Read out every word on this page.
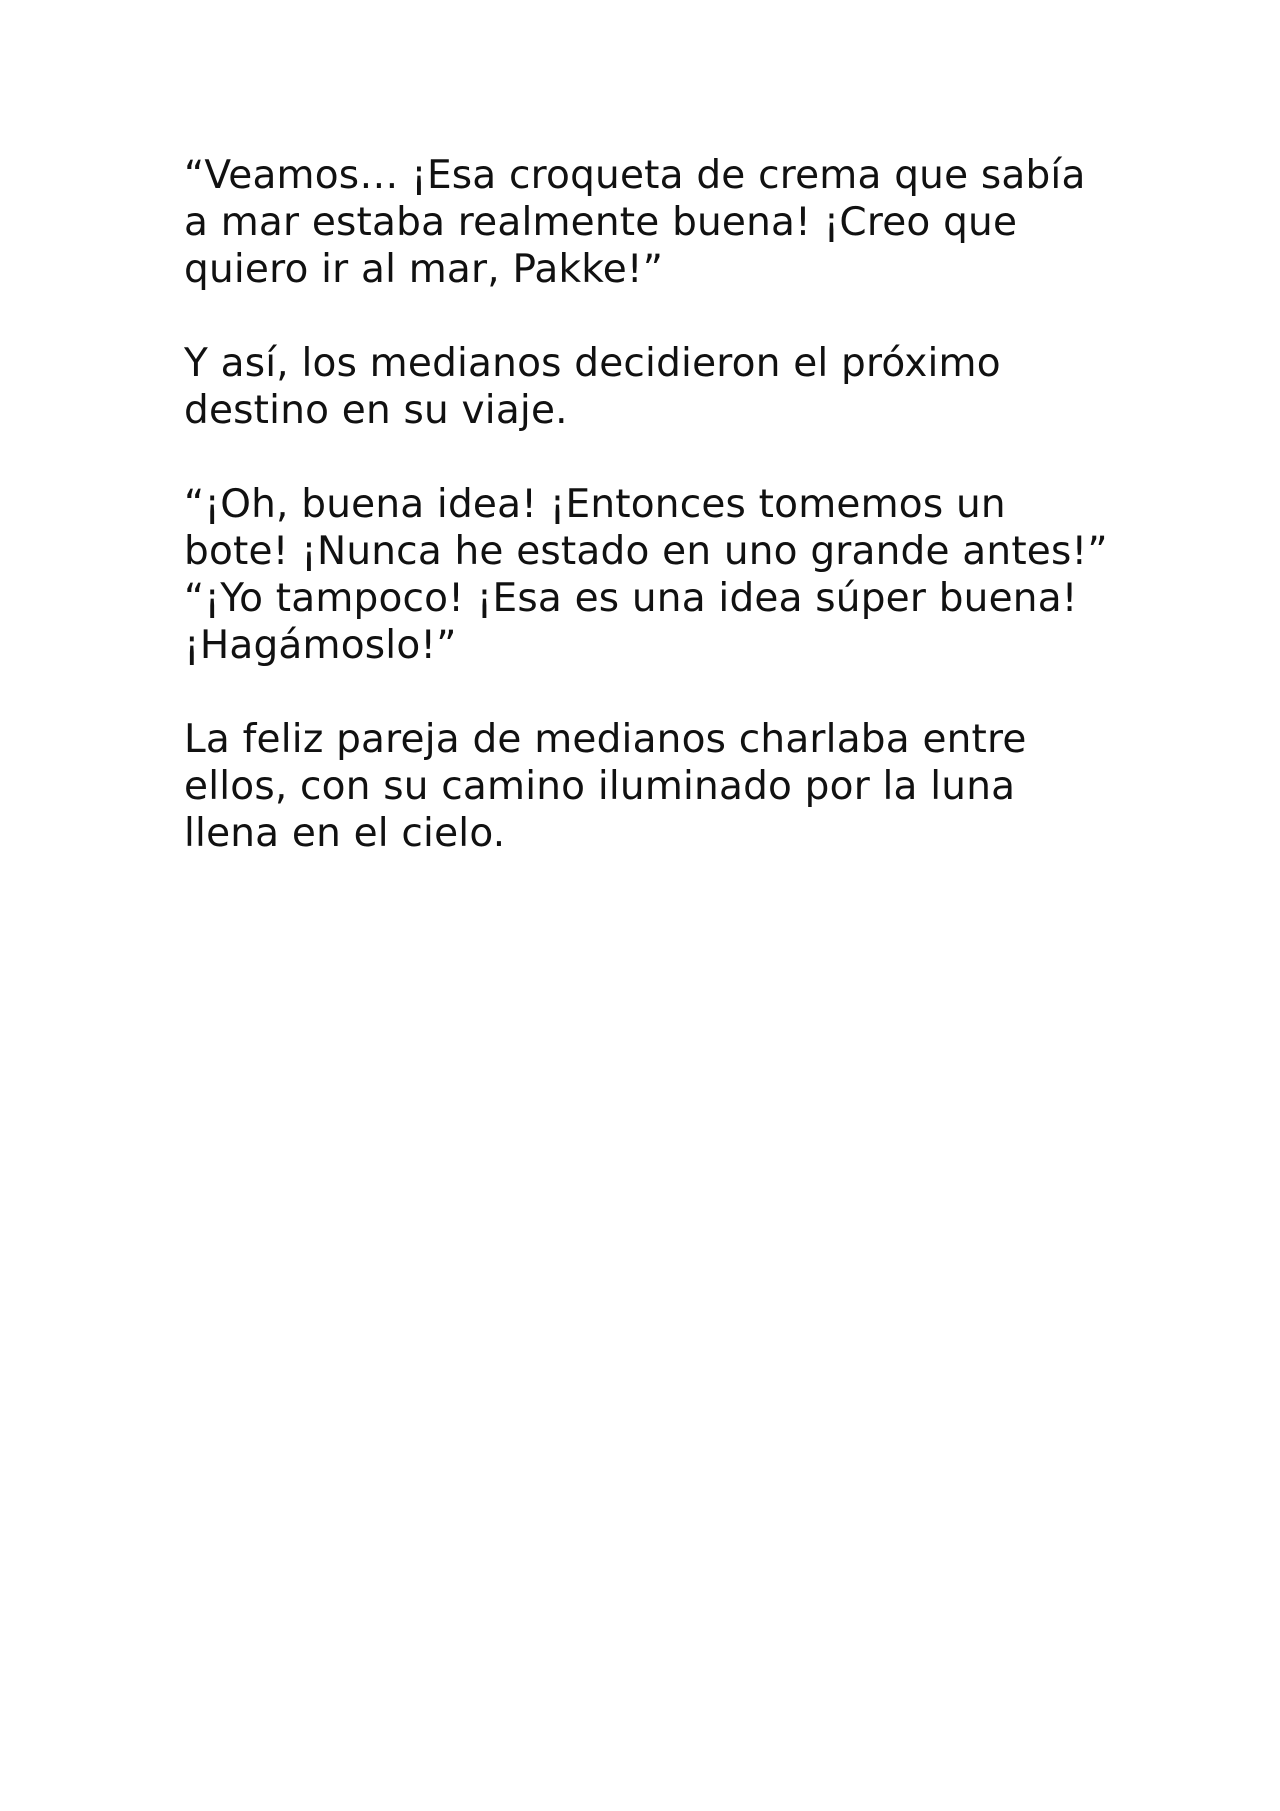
“Veamos… ¡Esa croqueta de crema que sabía
a mar estaba realmente buena! ¡Creo que
quiero ir al mar, Pakke!”
Y así, los medianos decidieron el próximo
destino en su viaje.
“¡Oh, buena idea! ¡Entonces tomemos un
bote! ¡Nunca he estado en uno grande antes!”
“¡Yo tampoco! ¡Esa es una idea súper buena!
¡Hagámoslo!”
La feliz pareja de medianos charlaba entre
ellos, con su camino iluminado por la luna
llena en el cielo.
